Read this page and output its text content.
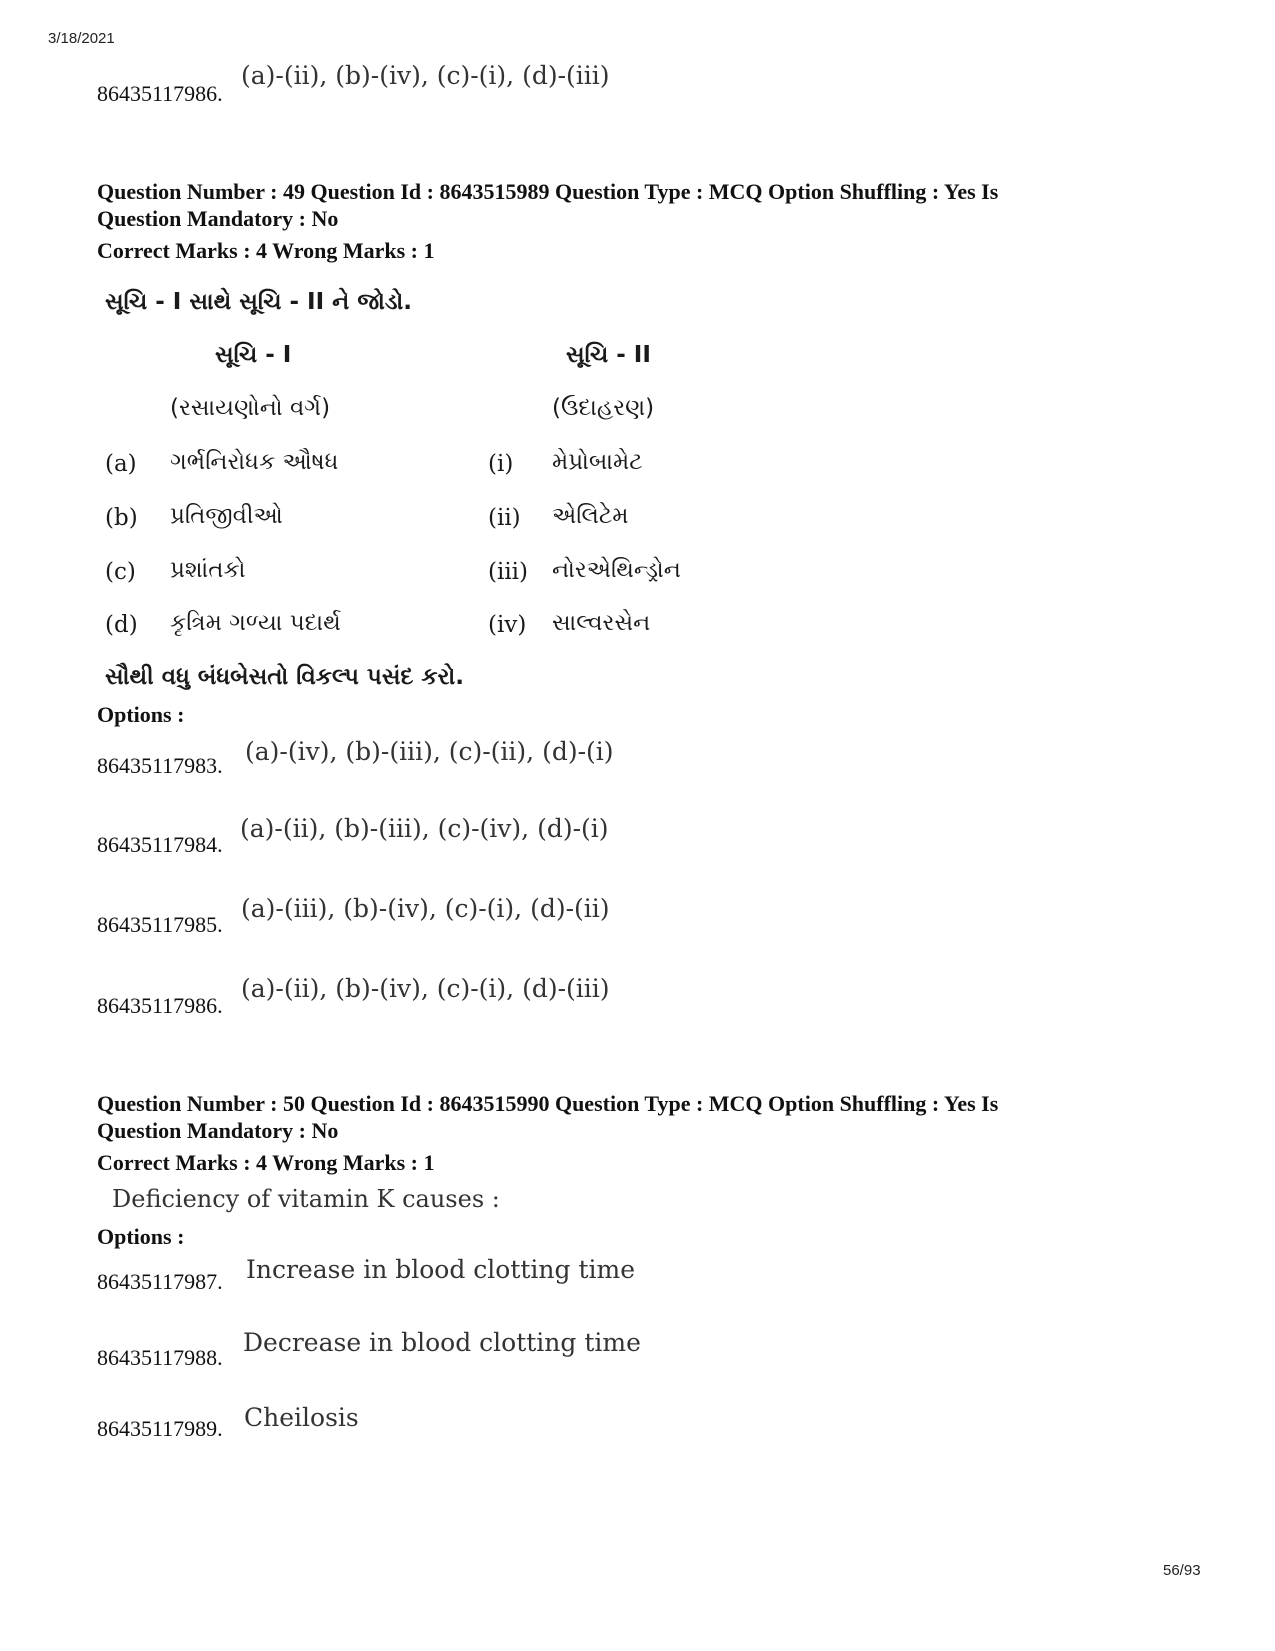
3/18/2021
86435117986.
(a)-(ii), (b)-(iv), (c)-(i), (d)-(iii)
Question Number : 49 Question Id : 8643515989 Question Type : MCQ Option Shuffling : Yes Is
Question Mandatory : No
Correct Marks : 4 Wrong Marks : 1
સૂચિ - I સાથે સૂચિ - II ને જોડો.
સૂચિ - I
(રસાયણોનો વર્ગ)
સૂચિ - II
(ઉદાહરણ)
(a) ગર્ભનિરોધક ઔષધ	(i) મેપ્રોબામેટ
(b) પ્રતિજીવીઓ	(ii) એલિટેમ
(c) પ્રશાંતકો	(iii) નોરએથિન્ડ્રોન
(d) કૃત્રિમ ગળ્યા પદાર્થ	(iv) સાલ્વરસેન
સૌથી વધુ બંધબેસતો વિકલ્પ પસંદ કરો.
Options :
86435117983. (a)-(iv), (b)-(iii), (c)-(ii), (d)-(i)
86435117984.
(a)-(ii), (b)-(iii), (c)-(iv), (d)-(i)
86435117985.
(a)-(iii), (b)-(iv), (c)-(i), (d)-(ii)
86435117986.
(a)-(ii), (b)-(iv), (c)-(i), (d)-(iii)
Question Number : 50 Question Id : 8643515990 Question Type : MCQ Option Shuffling : Yes Is
Question Mandatory : No
Correct Marks : 4 Wrong Marks : 1
Deficiency of vitamin K causes :
Options :
86435117987. Increase in blood clotting time
86435117988.
Decrease in blood clotting time
86435117989. Cheilosis
56/93
